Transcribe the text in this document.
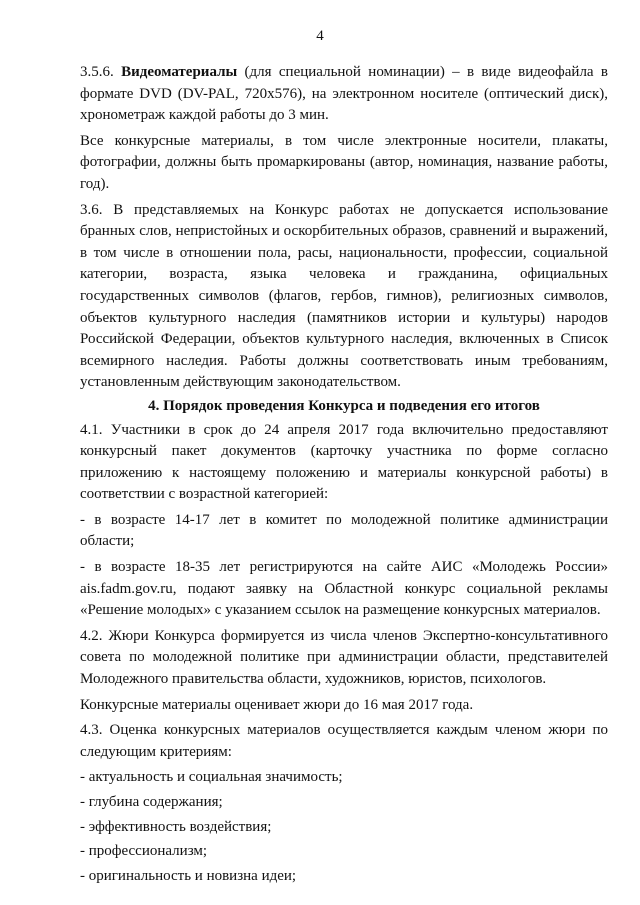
4

3.5.6. Видеоматериалы (для специальной номинации) – в виде видеофайла в формате DVD (DV-PAL, 720x576), на электронном носителе (оптический диск), хронометраж каждой работы до 3 мин.

Все конкурсные материалы, в том числе электронные носители, плакаты, фотографии, должны быть промаркированы (автор, номинация, название работы, год).

3.6. В представляемых на Конкурс работах не допускается использование бранных слов, непристойных и оскорбительных образов, сравнений и выражений, в том числе в отношении пола, расы, национальности, профессии, социальной категории, возраста, языка человека и гражданина, официальных государственных символов (флагов, гербов, гимнов), религиозных символов, объектов культурного наследия (памятников истории и культуры) народов Российской Федерации, объектов культурного наследия, включенных в Список всемирного наследия. Работы должны соответствовать иным требованиям, установленным действующим законодательством.

4. Порядок проведения Конкурса и подведения его итогов

4.1. Участники в срок до 24 апреля 2017 года включительно предоставляют конкурсный пакет документов (карточку участника по форме согласно приложению к настоящему положению и материалы конкурсной работы) в соответствии с возрастной категорией:

- в возрасте 14-17 лет в комитет по молодежной политике администрации области;

- в возрасте 18-35 лет регистрируются на сайте АИС «Молодежь России» ais.fadm.gov.ru, подают заявку на Областной конкурс социальной рекламы «Решение молодых» с указанием ссылок на размещение конкурсных материалов.

4.2. Жюри Конкурса формируется из числа членов Экспертно-консультативного совета по молодежной политике при администрации области, представителей Молодежного правительства области, художников, юристов, психологов.

Конкурсные материалы оценивает жюри до 16 мая 2017 года.

4.3. Оценка конкурсных материалов осуществляется каждым членом жюри по следующим критериям:

- актуальность и социальная значимость;

- глубина содержания;

- эффективность воздействия;

- профессионализм;

- оригинальность и новизна идеи;
